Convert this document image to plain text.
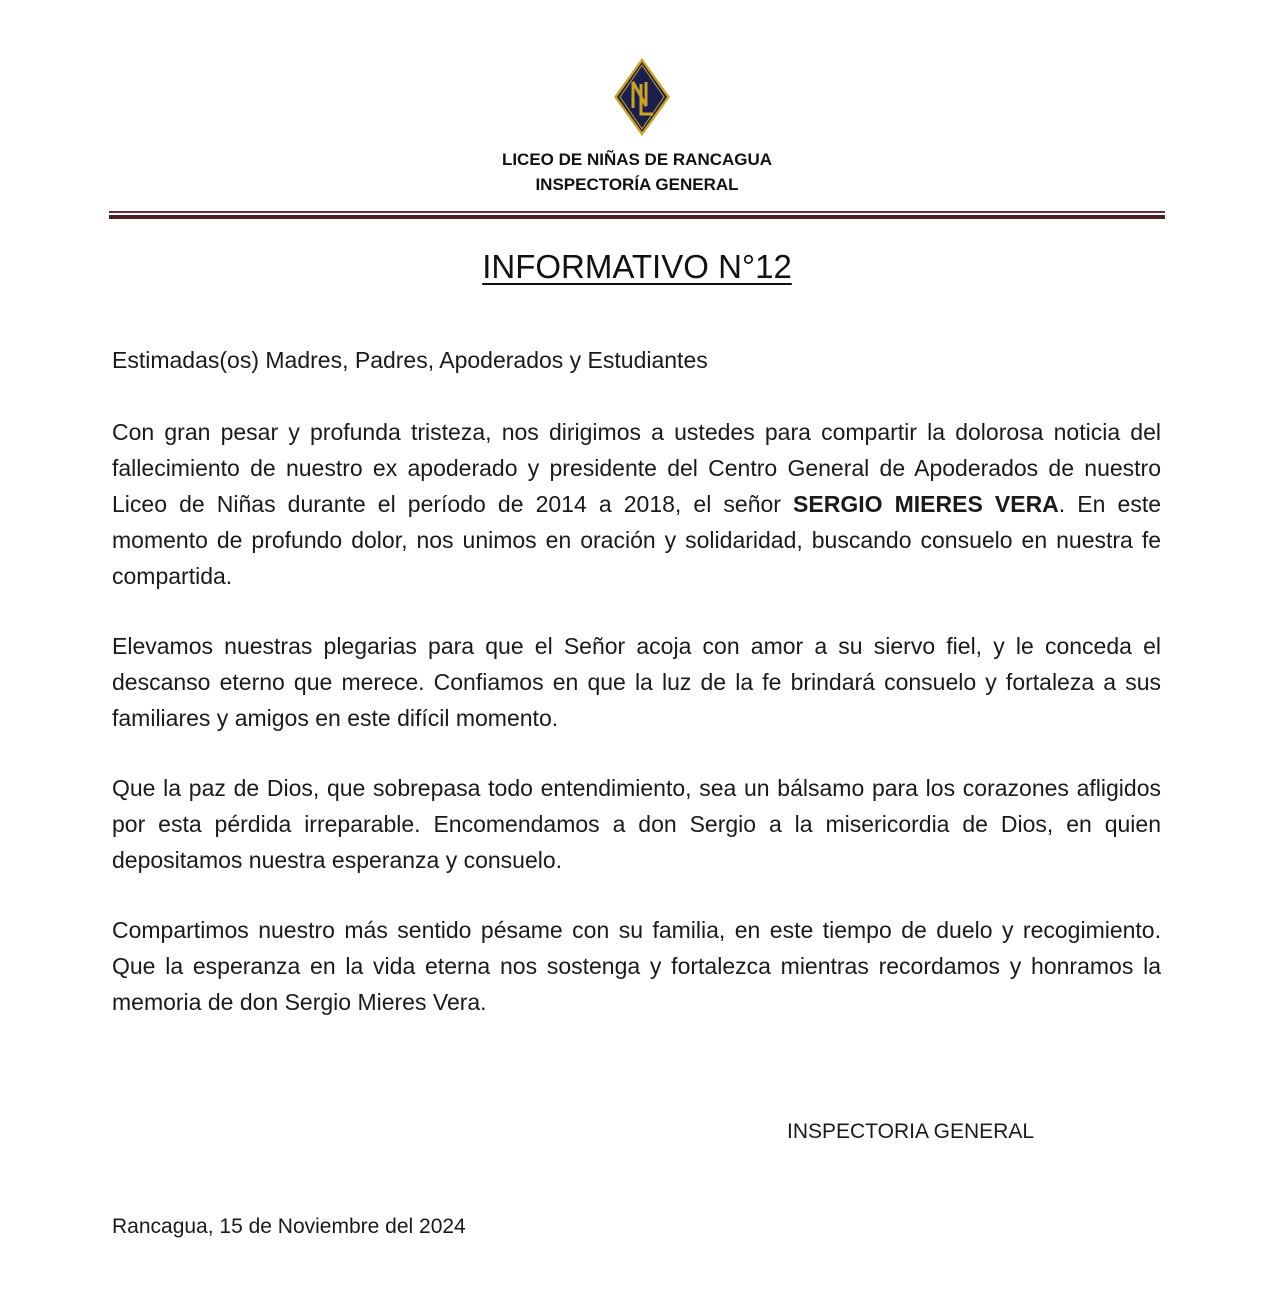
LICEO DE NIÑAS DE RANCAGUA
INSPECTORÍA GENERAL
INFORMATIVO N°12
Estimadas(os) Madres, Padres, Apoderados y Estudiantes
Con gran pesar y profunda tristeza, nos dirigimos a ustedes para compartir la dolorosa noticia del fallecimiento de nuestro ex apoderado y presidente del Centro General de Apoderados de nuestro Liceo de Niñas durante el período de 2014 a 2018, el señor SERGIO MIERES VERA. En este momento de profundo dolor, nos unimos en oración y solidaridad, buscando consuelo en nuestra fe compartida.
Elevamos nuestras plegarias para que el Señor acoja con amor a su siervo fiel, y le conceda el descanso eterno que merece. Confiamos en que la luz de la fe brindará consuelo y fortaleza a sus familiares y amigos en este difícil momento.
Que la paz de Dios, que sobrepasa todo entendimiento, sea un bálsamo para los corazones afligidos por esta pérdida irreparable. Encomendamos a don Sergio a la misericordia de Dios, en quien depositamos nuestra esperanza y consuelo.
Compartimos nuestro más sentido pésame con su familia, en este tiempo de duelo y recogimiento. Que la esperanza en la vida eterna nos sostenga y fortalezca mientras recordamos y honramos la memoria de don Sergio Mieres Vera.
INSPECTORIA GENERAL
Rancagua, 15 de Noviembre del 2024
